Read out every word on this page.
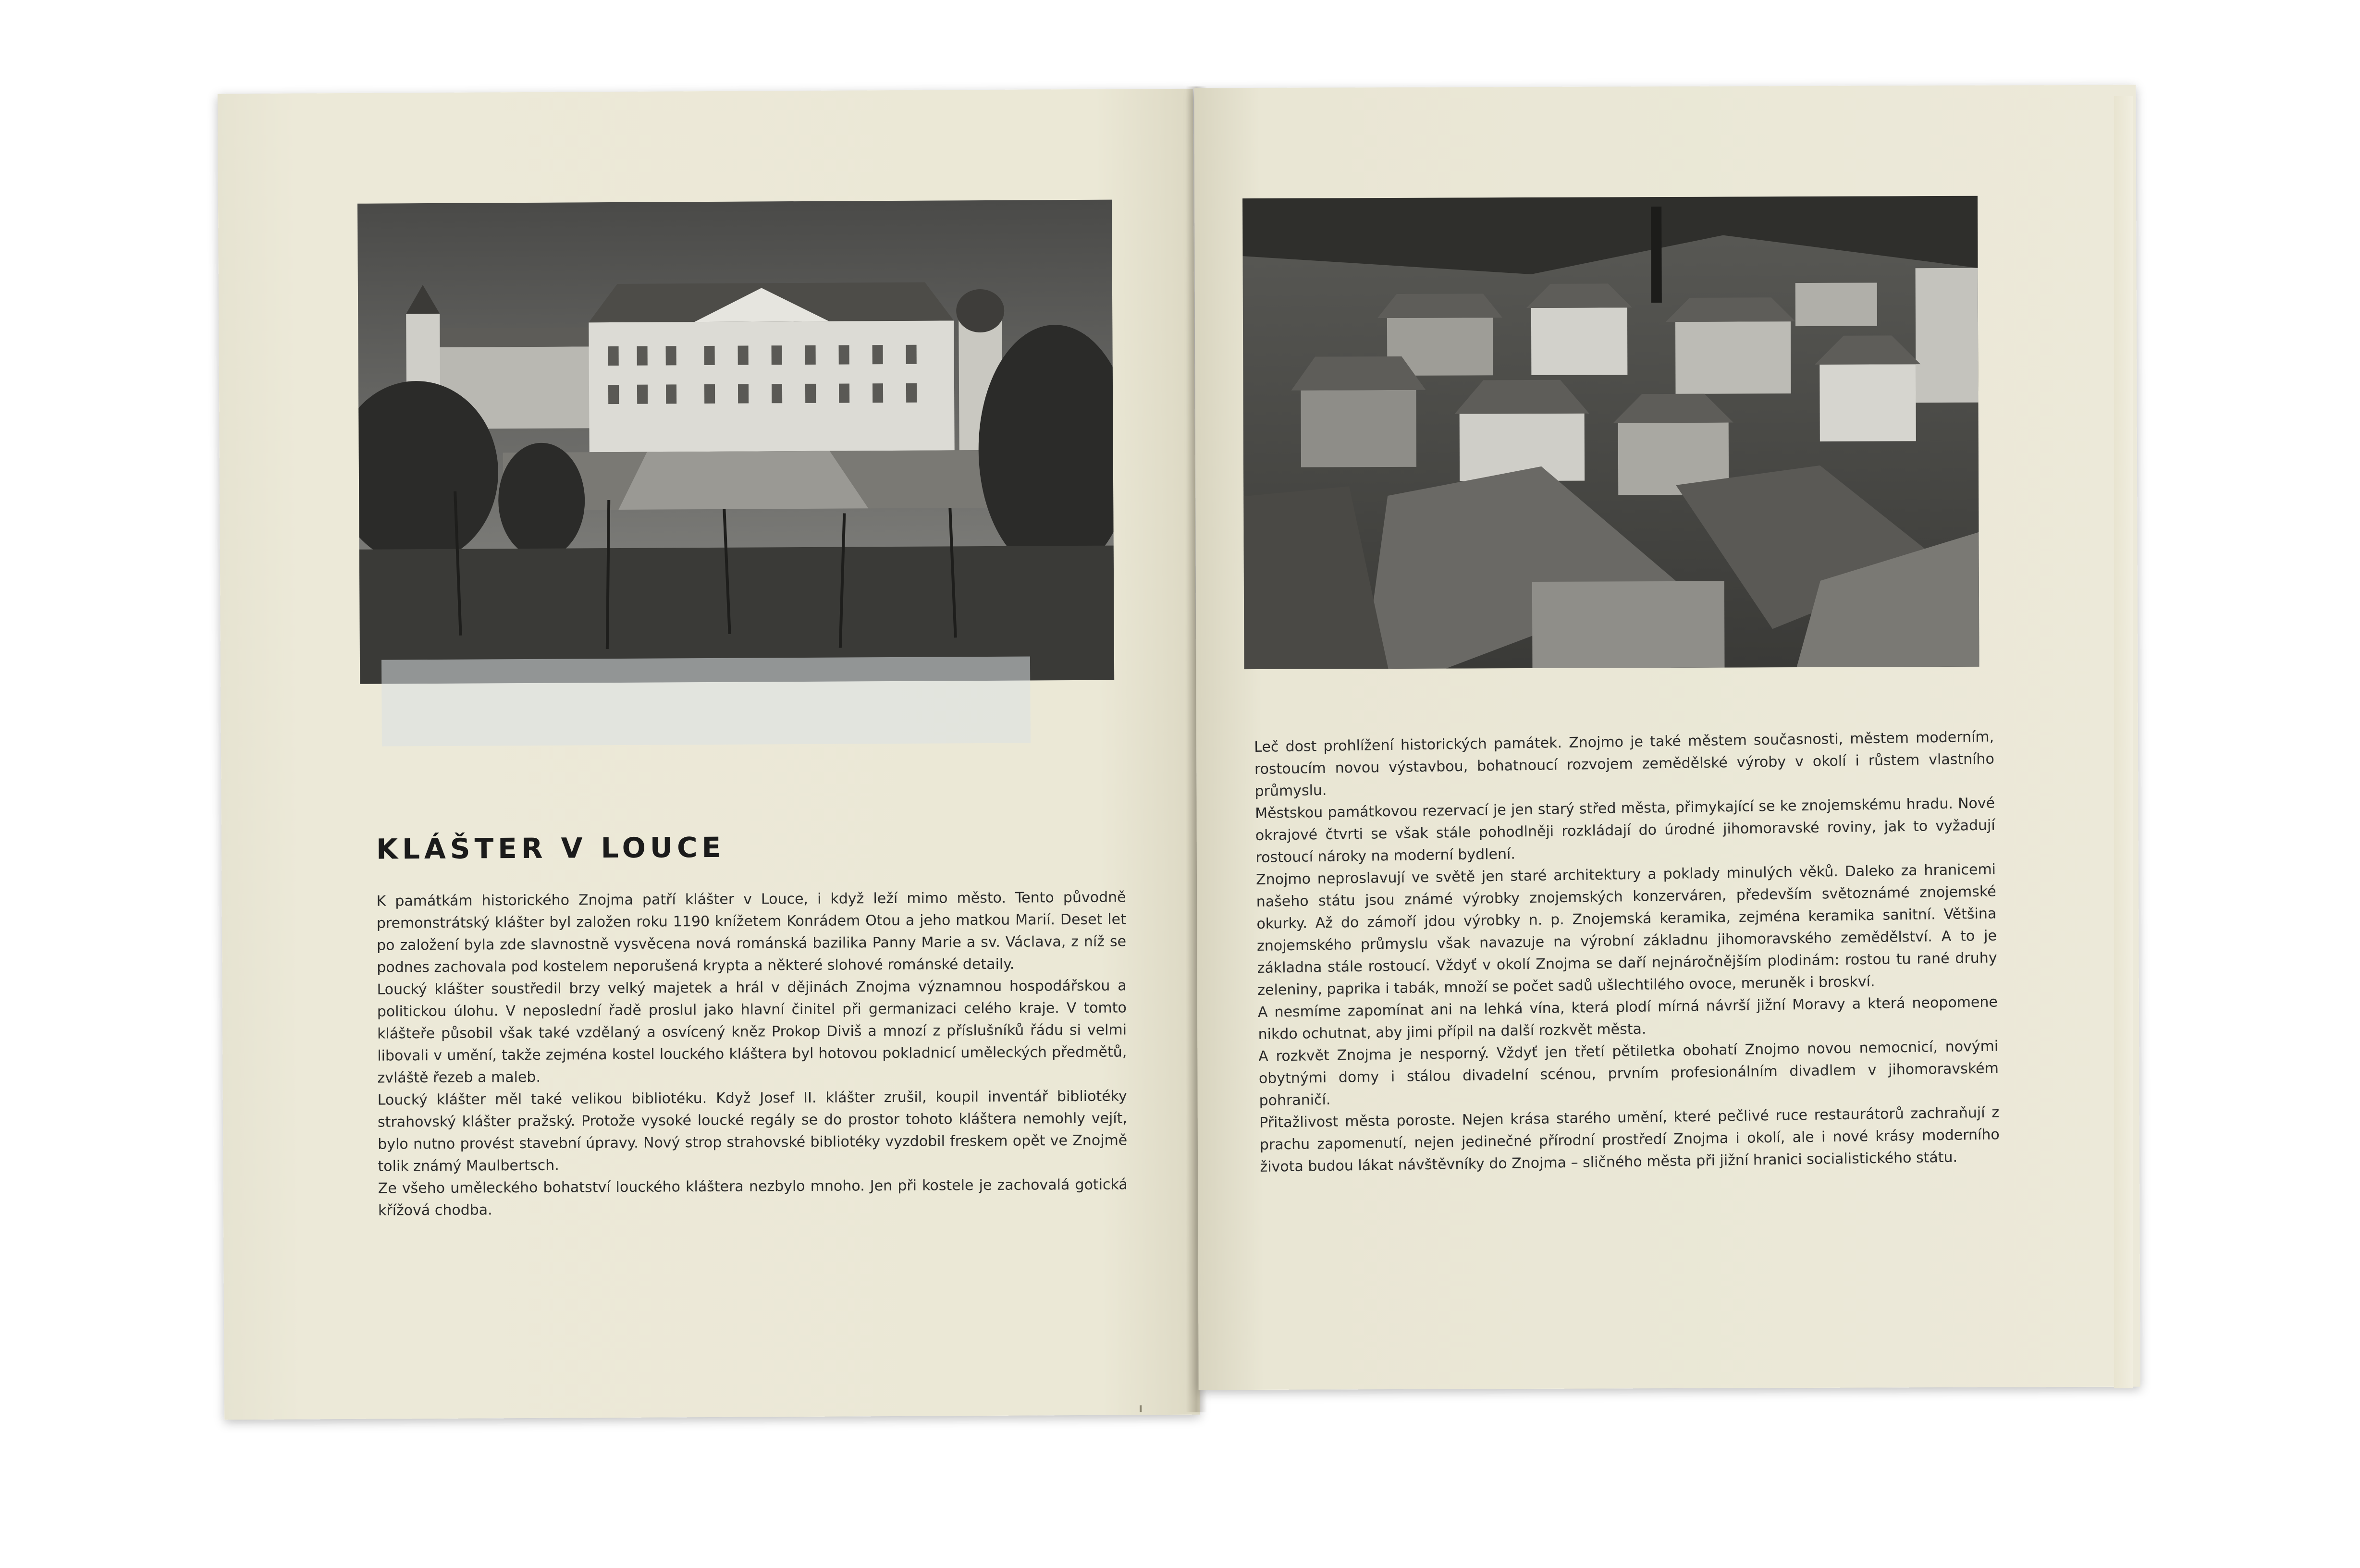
KLÁŠTER V LOUCE

K památkám historického Znojma patří klášter v Louce, i když leží mimo město. Tento původně premonstrátský klášter byl založen roku 1190 knížetem Konrádem Otou a jeho matkou Marií. Deset let po založení byla zde slavnostně vysvěcena nová románská bazilika Panny Marie a sv. Václava, z níž se podnes zachovala pod kostelem neporušená krypta a některé slohové románské detaily.

Loucký klášter soustředil brzy velký majetek a hrál v dějinách Znojma významnou hospodářskou a politickou úlohu. V neposlední řadě proslul jako hlavní činitel při germanizaci celého kraje. V tomto klášteře působil však také vzdělaný a osvícený kněz Prokop Diviš a mnozí z příslušníků řádu si velmi libovali v umění, takže zejména kostel louckého kláštera byl hotovou pokladnicí uměleckých předmětů, zvláště řezeb a maleb.

Loucký klášter měl také velikou bibliotéku. Když Josef II. klášter zrušil, koupil inventář bibliotéky strahovský klášter pražský. Protože vysoké loucké regály se do prostor tohoto kláštera nemohly vejít, bylo nutno provést stavební úpravy. Nový strop strahovské bibliotéky vyzdobil freskem opět ve Znojmě tolik známý Maulbertsch.

Ze všeho uměleckého bohatství louckého kláštera nezbylo mnoho. Jen při kostele je zachovalá gotická křížová chodba.

Leč dost prohlížení historických památek. Znojmo je také městem současnosti, městem moderním, rostoucím novou výstavbou, bohatnoucí rozvojem zemědělské výroby v okolí i růstem vlastního průmyslu.

Městskou památkovou rezervací je jen starý střed města, přimykající se ke znojemskému hradu. Nové okrajové čtvrti se však stále pohodlněji rozkládají do úrodné jihomoravské roviny, jak to vyžadují rostoucí nároky na moderní bydlení.

Znojmo neproslavují ve světě jen staré architektury a poklady minulých věků. Daleko za hranicemi našeho státu jsou známé výrobky znojemských konzerváren, především světoznámé znojemské okurky. Až do zámoří jdou výrobky n. p. Znojemská keramika, zejména keramika sanitní. Většina znojemského průmyslu však navazuje na výrobní základnu jihomoravského zemědělství. A to je základna stále rostoucí. Vždyť v okolí Znojma se daří nejnáročnějším plodinám: rostou tu rané druhy zeleniny, paprika i tabák, množí se počet sadů ušlechtilého ovoce, meruněk i broskví.

A nesmíme zapomínat ani na lehká vína, která plodí mírná návrší jižní Moravy a která neopomene nikdo ochutnat, aby jimi přípil na další rozkvět města.

A rozkvět Znojma je nesporný. Vždyť jen třetí pětiletka obohatí Znojmo novou nemocnicí, novými obytnými domy i stálou divadelní scénou, prvním profesionálním divadlem v jihomoravském pohraničí.

Přitažlivost města poroste. Nejen krása starého umění, které pečlivé ruce restaurátorů zachraňují z prachu zapomenutí, nejen jedinečné přírodní prostředí Znojma i okolí, ale i nové krásy moderního života budou lákat návštěvníky do Znojma – sličného města při jižní hranici socialistického státu.
